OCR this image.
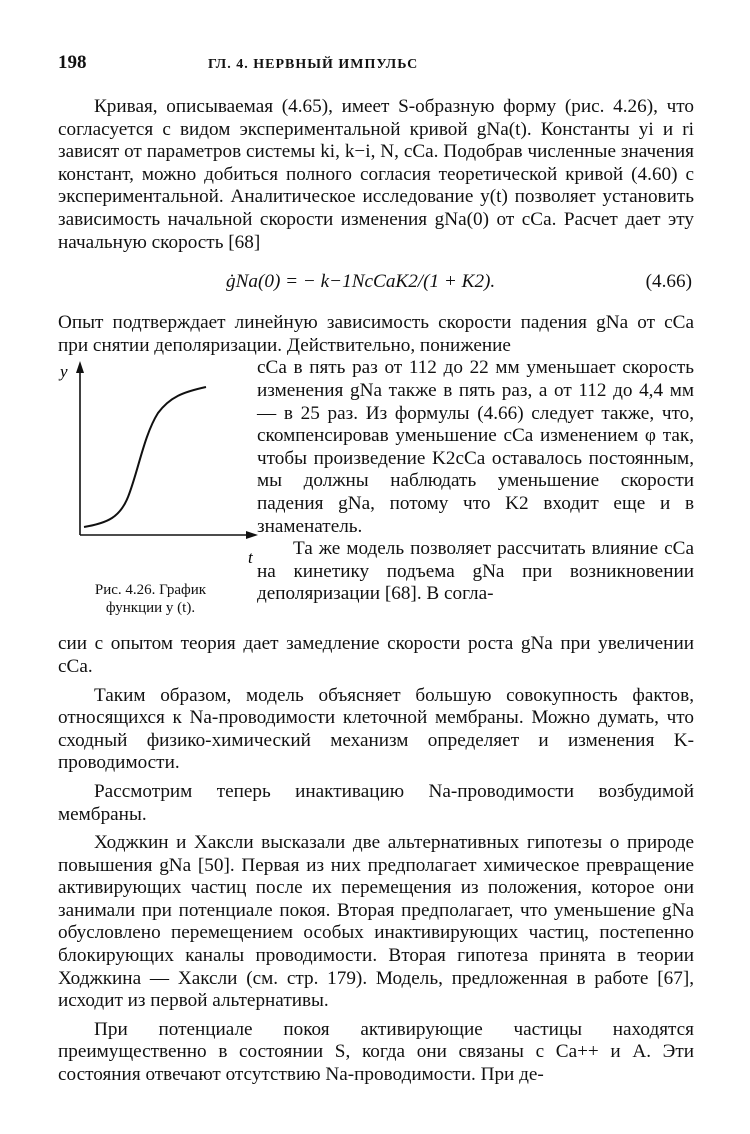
198	ГЛ. 4. НЕРВНЫЙ ИМПУЛЬС

Кривая, описываемая (4.65), имеет S-образную форму (рис. 4.26), что согласуется с видом экспериментальной кривой gNa(t). Константы yi и ri зависят от параметров системы ki, k−i, N, cCa. Подобрав численные значения констант, можно добиться полного согласия теоретической кривой (4.60) с экспериментальной. Аналитическое исследование y(t) позволяет установить зависимость начальной скорости изменения gNa(0) от cCa. Расчет дает эту начальную скорость [68]

ġNa(0) = − k−1NcCaK2/(1 + K2).	(4.66)

Опыт подтверждает линейную зависимость скорости падения gNa от cCa при снятии деполяризации. Действительно, понижение

y
t
Рис. 4.26. График
функции y (t).

cCa в пять раз от 112 до 22 мм уменьшает скорость изменения gNa также в пять раз, а от 112 до 4,4 мм — в 25 раз. Из формулы (4.66) следует также, что, скомпенсировав уменьшение cCa изменением φ так, чтобы произведение K2cCa оставалось постоянным, мы должны наблюдать уменьшение скорости падения gNa, потому что K2 входит еще и в знаменатель.

Та же модель позволяет рассчитать влияние cCa на кинетику подъема gNa при возникновении деполяризации [68]. В согла-

сии с опытом теория дает замедление скорости роста gNa при увеличении cCa.

Таким образом, модель объясняет большую совокупность фактов, относящихся к Na-проводимости клеточной мембраны. Можно думать, что сходный физико-химический механизм определяет и изменения K-проводимости.

Рассмотрим теперь инактивацию Na-проводимости возбудимой мембраны.

Ходжкин и Хаксли высказали две альтернативных гипотезы о природе повышения gNa [50]. Первая из них предполагает химическое превращение активирующих частиц после их перемещения из положения, которое они занимали при потенциале покоя. Вторая предполагает, что уменьшение gNa обусловлено перемещением особых инактивирующих частиц, постепенно блокирующих каналы проводимости. Вторая гипотеза принята в теории Ходжкина — Хаксли (см. стр. 179). Модель, предложенная в работе [67], исходит из первой альтернативы.

При потенциале покоя активирующие частицы находятся преимущественно в состоянии S, когда они связаны с Ca++ и A. Эти состояния отвечают отсутствию Na-проводимости. При де-
